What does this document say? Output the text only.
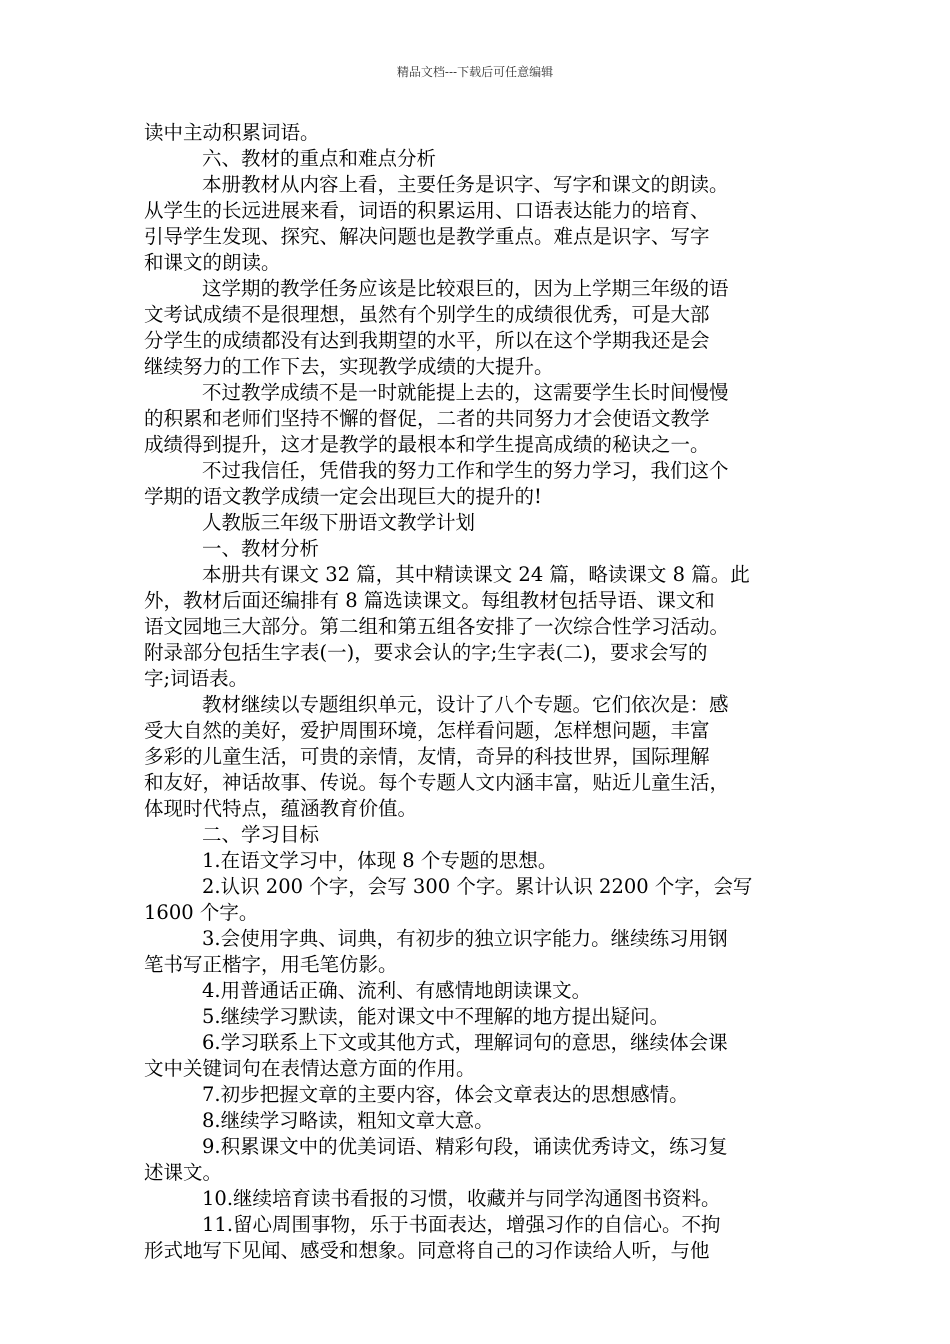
精品文档---下载后可任意编辑

读中主动积累词语。

六、教材的重点和难点分析

本册教材从内容上看，主要任务是识字、写字和课文的朗读。

从学生的长远进展来看，词语的积累运用、口语表达能力的培育、

引导学生发现、探究、解决问题也是教学重点。难点是识字、写字

和课文的朗读。

这学期的教学任务应该是比较艰巨的，因为上学期三年级的语

文考试成绩不是很理想，虽然有个别学生的成绩很优秀，可是大部

分学生的成绩都没有达到我期望的水平，所以在这个学期我还是会

继续努力的工作下去，实现教学成绩的大提升。

不过教学成绩不是一时就能提上去的，这需要学生长时间慢慢

的积累和老师们坚持不懈的督促，二者的共同努力才会使语文教学

成绩得到提升，这才是教学的最根本和学生提高成绩的秘诀之一。

不过我信任，凭借我的努力工作和学生的努力学习，我们这个

学期的语文教学成绩一定会出现巨大的提升的!

人教版三年级下册语文教学计划

一、教材分析

本册共有课文 32 篇，其中精读课文 24 篇，略读课文 8 篇。此

外，教材后面还编排有 8 篇选读课文。每组教材包括导语、课文和

语文园地三大部分。第二组和第五组各安排了一次综合性学习活动。

附录部分包括生字表(一)，要求会认的字;生字表(二)，要求会写的

字;词语表。

教材继续以专题组织单元，设计了八个专题。它们依次是：感

受大自然的美好，爱护周围环境，怎样看问题，怎样想问题，丰富

多彩的儿童生活，可贵的亲情，友情，奇异的科技世界，国际理解

和友好，神话故事、传说。每个专题人文内涵丰富，贴近儿童生活，

体现时代特点，蕴涵教育价值。

二、学习目标

1.在语文学习中，体现 8 个专题的思想。

2.认识 200 个字，会写 300 个字。累计认识 2200 个字，会写

1600 个字。

3.会使用字典、词典，有初步的独立识字能力。继续练习用钢

笔书写正楷字，用毛笔仿影。

4.用普通话正确、流利、有感情地朗读课文。

5.继续学习默读，能对课文中不理解的地方提出疑问。

6.学习联系上下文或其他方式，理解词句的意思，继续体会课

文中关键词句在表情达意方面的作用。

7.初步把握文章的主要内容，体会文章表达的思想感情。

8.继续学习略读，粗知文章大意。

9.积累课文中的优美词语、精彩句段，诵读优秀诗文，练习复

述课文。

10.继续培育读书看报的习惯，收藏并与同学沟通图书资料。

11.留心周围事物，乐于书面表达，增强习作的自信心。不拘

形式地写下见闻、感受和想象。同意将自己的习作读给人听，与他
